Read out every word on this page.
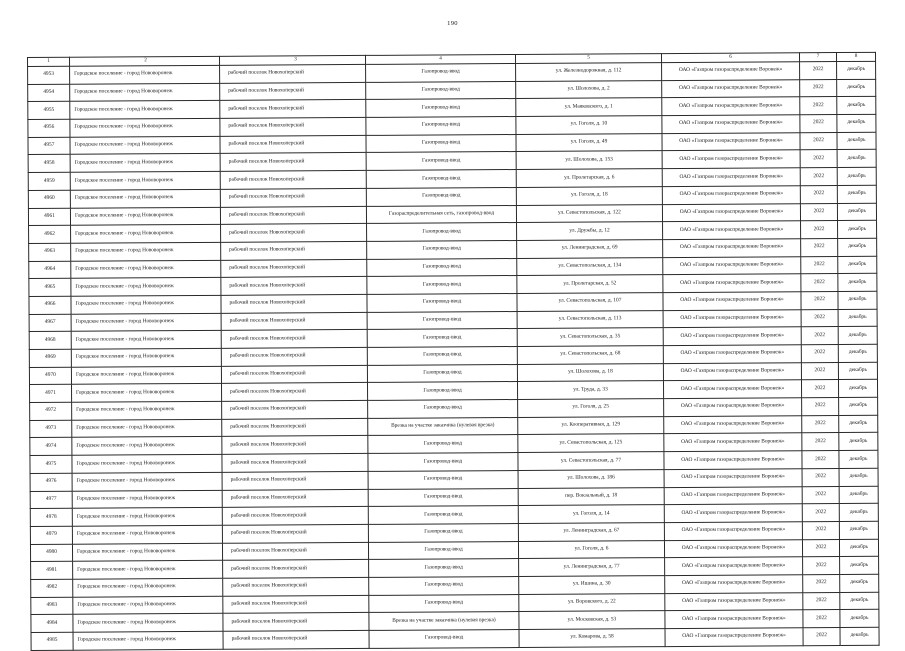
190
1	2	3	4	5	6	7	8
4953	Городское поселение - город Нововоронеж	рабочий поселок Новохоперский	Газопровод-ввод	ул. Железнодорожная, д. 112	ОАО «Газпром газораспределение Воронеж»	2022	декабрь
4954	Городское поселение - город Нововоронеж	рабочий поселок Новохоперский	Газопровод-ввод	ул. Шолохова, д. 2	ОАО «Газпром газораспределение Воронеж»	2022	декабрь
4955	Городское поселение - город Нововоронеж	рабочий поселок Новохоперский	Газопровод-ввод	ул. Маяковского, д. 1	ОАО «Газпром газораспределение Воронеж»	2022	декабрь
4956	Городское поселение - город Нововоронеж	рабочий поселок Новохоперский	Газопровод-ввод	ул. Гоголя, д. 10	ОАО «Газпром газораспределение Воронеж»	2022	декабрь
4957	Городское поселение - город Нововоронеж	рабочий поселок Новохоперский	Газопровод-ввод	ул. Гоголя, д. 49	ОАО «Газпром газораспределение Воронеж»	2022	декабрь
4958	Городское поселение - город Нововоронеж	рабочий поселок Новохоперский	Газопровод-ввод	ул. Шолохова, д. 153	ОАО «Газпром газораспределение Воронеж»	2022	декабрь
4959	Городское поселение - город Нововоронеж	рабочий поселок Новохоперский	Газопровод-ввод	ул. Пролетарская, д. 6	ОАО «Газпром газораспределение Воронеж»	2022	декабрь
4960	Городское поселение - город Нововоронеж	рабочий поселок Новохоперский	Газопровод-ввод	ул. Гоголя, д. 18	ОАО «Газпром газораспределение Воронеж»	2022	декабрь
4961	Городское поселение - город Нововоронеж	рабочий поселок Новохоперский	Газораспределительная сеть, газопровод-ввод	ул. Севастопольская, д. 122	ОАО «Газпром газораспределение Воронеж»	2022	декабрь
4962	Городское поселение - город Нововоронеж	рабочий поселок Новохоперский	Газопровод-ввод	ул. Дружбы, д. 12	ОАО «Газпром газораспределение Воронеж»	2022	декабрь
4963	Городское поселение - город Нововоронеж	рабочий поселок Новохоперский	Газопровод-ввод	ул. Ленинградская, д. 69	ОАО «Газпром газораспределение Воронеж»	2022	декабрь
4964	Городское поселение - город Нововоронеж	рабочий поселок Новохоперский	Газопровод-ввод	ул. Севастопольская, д. 134	ОАО «Газпром газораспределение Воронеж»	2022	декабрь
4965	Городское поселение - город Нововоронеж	рабочий поселок Новохоперский	Газопровод-ввод	ул. Пролетарская, д. 52	ОАО «Газпром газораспределение Воронеж»	2022	декабрь
4966	Городское поселение - город Нововоронеж	рабочий поселок Новохоперский	Газопровод-ввод	ул. Севастопольская, д. 107	ОАО «Газпром газораспределение Воронеж»	2022	декабрь
4967	Городское поселение - город Нововоронеж	рабочий поселок Новохоперский	Газопровод-ввод	ул. Севастопольская, д. 113	ОАО «Газпром газораспределение Воронеж»	2022	декабрь
4968	Городское поселение - город Нововоронеж	рабочий поселок Новохоперский	Газопровод-ввод	ул. Севастопольская, д. 35	ОАО «Газпром газораспределение Воронеж»	2022	декабрь
4969	Городское поселение - город Нововоронеж	рабочий поселок Новохоперский	Газопровод-ввод	ул. Севастопольская, д. 68	ОАО «Газпром газораспределение Воронеж»	2022	декабрь
4970	Городское поселение - город Нововоронеж	рабочий поселок Новохоперский	Газопровод-ввод	ул. Шолохова, д. 18	ОАО «Газпром газораспределение Воронеж»	2022	декабрь
4971	Городское поселение - город Нововоронеж	рабочий поселок Новохоперский	Газопровод-ввод	ул. Труда, д. 33	ОАО «Газпром газораспределение Воронеж»	2022	декабрь
4972	Городское поселение - город Нововоронеж	рабочий поселок Новохоперский	Газопровод-ввод	ул. Гоголя, д. 25	ОАО «Газпром газораспределение Воронеж»	2022	декабрь
4973	Городское поселение - город Нововоронеж	рабочий поселок Новохоперский	Врезка на участке заказчика (нулевая врезка)	ул. Кооперативная, д. 129	ОАО «Газпром газораспределение Воронеж»	2022	декабрь
4974	Городское поселение - город Нововоронеж	рабочий поселок Новохоперский	Газопровод-ввод	ул. Севастопольская, д. 125	ОАО «Газпром газораспределение Воронеж»	2022	декабрь
4975	Городское поселение - город Нововоронеж	рабочий поселок Новохоперский	Газопровод-ввод	ул. Севастопольская, д. 77	ОАО «Газпром газораспределение Воронеж»	2022	декабрь
4976	Городское поселение - город Нововоронеж	рабочий поселок Новохоперский	Газопровод-ввод	ул. Шолохова, д. 186	ОАО «Газпром газораспределение Воронеж»	2022	декабрь
4977	Городское поселение - город Нововоронеж	рабочий поселок Новохоперский	Газопровод-ввод	пер. Вокзальный, д. 18	ОАО «Газпром газораспределение Воронеж»	2022	декабрь
4978	Городское поселение - город Нововоронеж	рабочий поселок Новохоперский	Газопровод-ввод	ул. Гоголя, д. 14	ОАО «Газпром газораспределение Воронеж»	2022	декабрь
4979	Городское поселение - город Нововоронеж	рабочий поселок Новохоперский	Газопровод-ввод	ул. Ленинградская, д. 67	ОАО «Газпром газораспределение Воронеж»	2022	декабрь
4980	Городское поселение - город Нововоронеж	рабочий поселок Новохоперский	Газопровод-ввод	ул. Гоголя, д. 6	ОАО «Газпром газораспределение Воронеж»	2022	декабрь
4981	Городское поселение - город Нововоронеж	рабочий поселок Новохоперский	Газопровод-ввод	ул. Ленинградская, д. 77	ОАО «Газпром газораспределение Воронеж»	2022	декабрь
4982	Городское поселение - город Нововоронеж	рабочий поселок Новохоперский	Газопровод-ввод	ул. Ишина, д. 30	ОАО «Газпром газораспределение Воронеж»	2022	декабрь
4983	Городское поселение - город Нововоронеж	рабочий поселок Новохоперский	Газопровод-ввод	ул. Воровского, д. 22	ОАО «Газпром газораспределение Воронеж»	2022	декабрь
4984	Городское поселение - город Нововоронеж	рабочий поселок Новохоперский	Врезка на участке заказчика (нулевая врезка)	ул. Московская, д. 53	ОАО «Газпром газораспределение Воронеж»	2022	декабрь
4985	Городское поселение - город Нововоронеж	рабочий поселок Новохоперский	Газопровод-ввод	ул. Комарова, д. 58	ОАО «Газпром газораспределение Воронеж»	2022	декабрь
